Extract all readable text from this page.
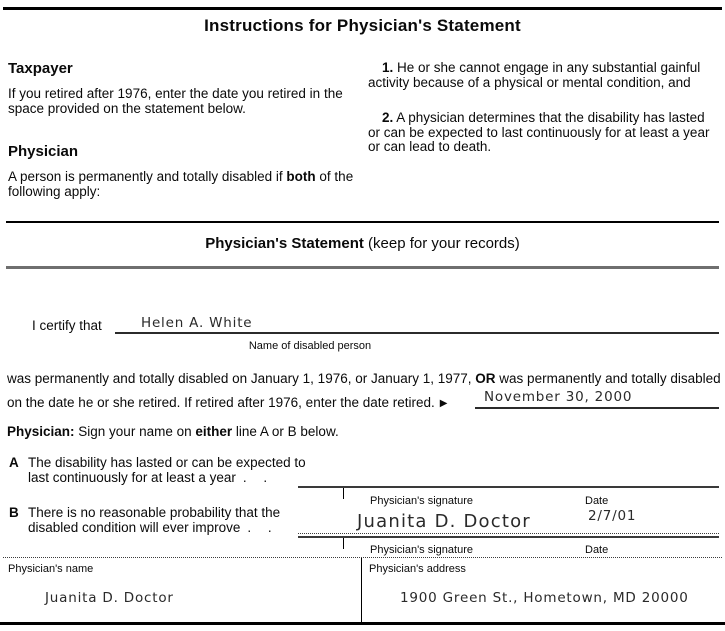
Instructions for Physician's Statement
Taxpayer
If you retired after 1976, enter the date you retired in the space provided on the statement below.
Physician
A person is permanently and totally disabled if both of the following apply:
1. He or she cannot engage in any substantial gainful activity because of a physical or mental condition, and
2. A physician determines that the disability has lasted or can be expected to last continuously for at least a year or can lead to death.
Physician's Statement (keep for your records)
I certify that	Helen A. White
Name of disabled person
was permanently and totally disabled on January 1, 1976, or January 1, 1977, OR was permanently and totally disabled
on the date he or she retired. If retired after 1976, enter the date retired. ▶	November 30, 2000
Physician: Sign your name on either line A or B below.
A The disability has lasted or can be expected to last continuously for at least a year . .
Physician's signature	Date
B There is no reasonable probability that the disabled condition will ever improve . .	Juanita D. Doctor	2/7/01
Physician's signature	Date
Physician's name
Juanita D. Doctor
Physician's address
1900 Green St., Hometown, MD 20000
